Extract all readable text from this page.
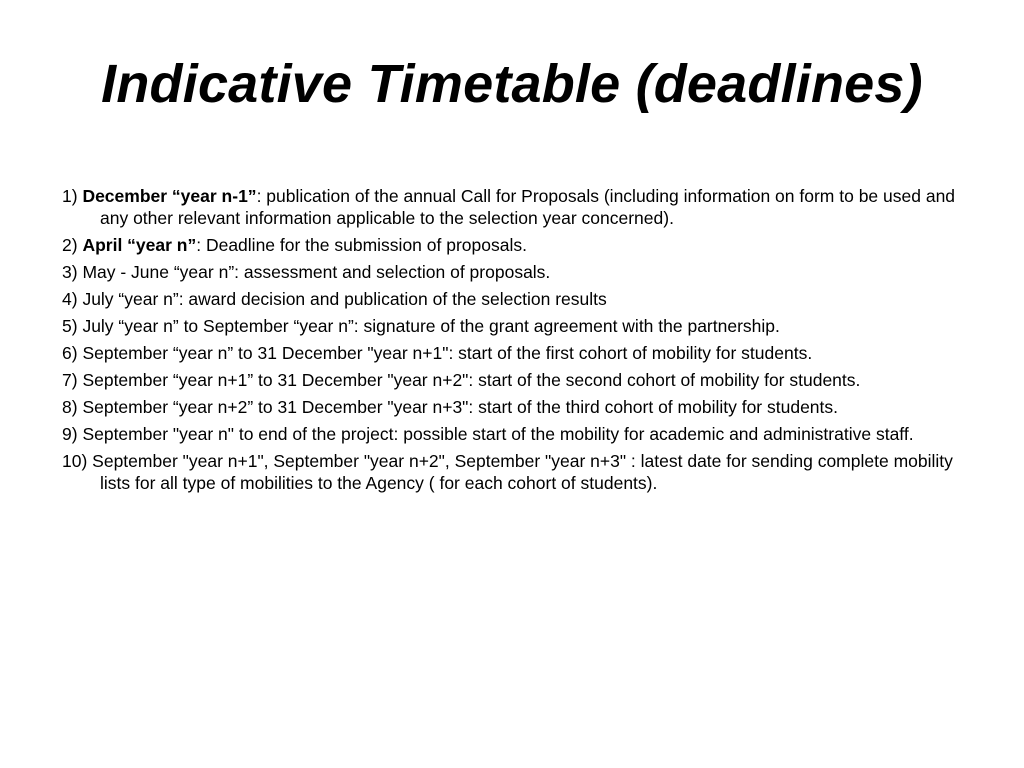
Indicative Timetable (deadlines)
1) December “year n-1”: publication of the annual Call for Proposals (including information on form to be used and any other relevant information applicable to the selection year concerned).
2) April “year n”: Deadline for the submission of proposals.
3) May - June “year n”: assessment and selection of proposals.
4) July “year n”: award decision and publication of the selection results
5) July “year n” to September “year n”: signature of the grant agreement with the partnership.
6) September “year n” to 31 December "year n+1": start of the first cohort of mobility for students.
7) September “year n+1” to 31 December "year n+2": start of the second cohort of mobility for students.
8) September “year n+2” to 31 December "year n+3": start of the third cohort of mobility for students.
9) September "year n" to end of the project: possible start of the mobility for academic and administrative staff.
10) September "year n+1", September "year n+2", September "year n+3" : latest date for sending complete mobility lists for all type of mobilities to the Agency ( for each cohort of students).
